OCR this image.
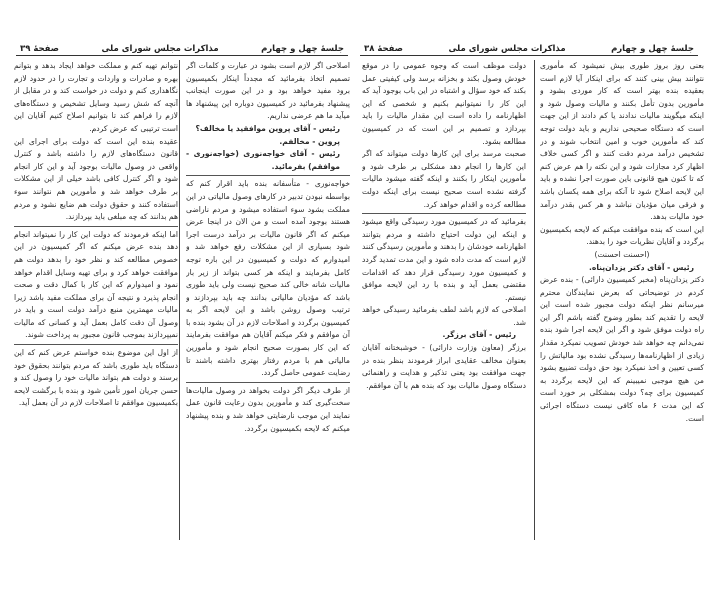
جلسهٔ چهل و چهارم
مذاکرات مجلس شورای ملی
صفحهٔ ۳۹

اصلاحی اگر لازم است بشود در عبارت و کلمات اگر تصمیم اتخاذ بفرمائید که مجدداً اینکار بکمیسیون برود مفید خواهد بود و در این صورت اینجانب پیشنهاد بفرمائید در کمیسیون دوباره این پیشنهاد ها میآید ما هم عرضی نداریم.

رئیس - آقای پروین موافقید یا مخالف؟

پروین - مخالفم.

رئیس - آقای خواجه‌نوری (خواجه‌نوری - موافقم) بفرمائید.

خواجه‌نوری - متأسفانه بنده باید اقرار کنم که بواسطه نبودن تدبیر در کارهای وصول مالیاتی در این مملکت بشود سوء استفاده میشود و مردم ناراضی هستند بوجود آمده است و من الان در اینجا عرض میکنم که اگر قانون مالیات بر درآمد درست اجرا شود بسیاری از این مشکلات رفع خواهد شد و امیدوارم که دولت و کمیسیون در این باره توجه کامل بفرمایند و اینکه هر کسی بتواند از زیر بار مالیات شانه خالی کند صحیح نیست ولی باید طوری باشد که مؤدیان مالیاتی بدانند چه باید بپردازند و ترتیب وصول روشن باشد و این لایحه اگر به کمیسیون برگردد و اصلاحات لازم در آن بشود بنده با آن موافقم و فکر میکنم آقایان هم موافقت بفرمایند که این کار بصورت صحیح انجام شود و مأمورین مالیاتی هم با مردم رفتار بهتری داشته باشند تا رضایت عمومی حاصل گردد.

از طرف دیگر اگر دولت بخواهد در وصول مالیات‌ها سخت‌گیری کند و مأمورین بدون رعایت قانون عمل نمایند این موجب نارضایتی خواهد شد و بنده پیشنهاد میکنم که لایحه بکمیسیون برگردد.

نتوانم تهیه کنم و مملکت خواهد ایجاد بدهد و بتوانم بهره و صادرات و واردات و تجارت را در حدود لازم نگاهداری کنم و دولت در خواست کند و در مقابل از آنچه که شش رسید وسایل تشخیص و دستگاه‌های لازم را فراهم کند تا بتوانیم اصلاح کنیم آقایان این است ترتیبی که عرض کردم.

عقیده بنده این است که دولت برای اجرای این قانون دستگاه‌های لازم را داشته باشد و کنترل واقعی در وصول مالیات بوجود آید و این کار انجام شود و اگر کنترل کافی باشد خیلی از این مشکلات بر طرف خواهد شد و مأمورین هم نتوانند سوء استفاده کنند و حقوق دولت هم ضایع نشود و مردم هم بدانند که چه مبلغی باید بپردازند.

اما اینکه فرمودند که دولت این کار را نمیتواند انجام دهد بنده عرض میکنم که اگر کمیسیون در این خصوص مطالعه کند و نظر خود را بدهد دولت هم موافقت خواهد کرد و برای تهیه وسایل اقدام خواهد نمود و امیدوارم که این کار با کمال دقت و صحت انجام پذیرد و نتیجه آن برای مملکت مفید باشد زیرا مالیات مهمترین منبع درآمد دولت است و باید در وصول آن دقت کامل بعمل آید و کسانی که مالیات نمیپردازند بموجب قانون مجبور به پرداخت شوند.

از اول این موضوع بنده خواستم عرض کنم که این دستگاه باید طوری باشد که مردم بتوانند بحقوق خود برسند و دولت هم بتواند مالیات خود را وصول کند و حسن جریان امور تأمین شود و بنده با برگشت لایحه بکمیسیون موافقم تا اصلاحات لازم در آن بعمل آید.

جلسهٔ چهل و چهارم
مذاکرات مجلس شورای ملی
صفحهٔ ۳۸

بعنی روز بروز طوری بیش نمیشود که مأموری نتوانند بیش بینی کنند که برای اینکار آیا لازم است بعقیده بنده بهتر است که کار موردی بشود و مأمورین بدون تأمل بکنند و مالیات وصول شود و اینکه میگویند مالیات ندادند یا کم دادند از این جهت است که دستگاه صحیحی نداریم و باید دولت توجه کند که مأمورین خوب و امین انتخاب شوند و در تشخیص درآمد مردم دقت کنند و اگر کسی خلاف اظهار کرد مجازات شود و این نکته را هم عرض کنم که تا کنون هیچ قانونی باین صورت اجرا نشده و باید این لایحه اصلاح شود تا آنکه برای همه یکسان باشد و فرقی میان مؤدیان نباشد و هر کس بقدر درآمد خود مالیات بدهد.

این است که بنده موافقت میکنم که لایحه بکمیسیون برگردد و آقایان نظریات خود را بدهند.

(احسنت احسنت)

رئیس - آقای دکتر یزدان‌پناه.

دکتر یزدان‌پناه (مخبر کمیسیون دارائی) - بنده عرض کردم در توضیحاتی که بعرض نمایندگان محترم میرسانم نظر اینکه دولت مجبور شده است این لایحه را تقدیم کند بطور وضوح گفته باشم اگر این راه دولت موفق شود و اگر این لایحه اجرا شود بنده نمی‌دانم چه خواهد شد خودش تصویب نمیکرد مقدار زیادی از اظهارنامه‌ها رسیدگی نشده بود مالیاتش را کسی تعیین و اخذ نمیکرد بود حق دولت تضییع بشود من هیچ موجبی نمیبینم که این لایحه برگردد به کمیسیون برای چه؟ دولت بمشکلی بر خورد است که این مدت ۶ ماه کافی نیست دستگاه اجرائی است.

دولت موظف است که وجوه عمومی را در موقع خودش وصول بکند و بخزانه برسد ولی کیفیتی عمل بکند که خود سؤال و اشتباه در این باب بوجود آید که این کار را نمیتوانیم بکنیم و شخصی که این اظهارنامه را داده است این مقدار مالیات را باید بپردازد و تصمیم بر این است که در کمیسیون مطالعه بشود.

صحبت مرسد برای این کارها دولت میتواند که اگر این کارها را انجام دهد مشکلی بر طرف شود و مأمورین اینکار را بکنند و اینکه گفته میشود مالیات گرفته نشده است صحیح نیست برای اینکه دولت مطالعه کرده و اقدام خواهد کرد.

بفرمائید که در کمیسیون مورد رسیدگی واقع میشود و اینکه این دولت احتیاج داشته و مردم بتوانند اظهارنامه خودشان را بدهند و مأمورین رسیدگی کنند لازم است که مدت داده شود و این مدت تمدید گردد و کمیسیون مورد رسیدگی قرار دهد که اقدامات مقتضی بعمل آید و بنده با رد این لایحه موافق نیستم.

اصلاحی که لازم باشد لطف بفرمائید رسیدگی خواهد شد.

رئیس - آقای برزگر.

برزگر (معاون وزارت دارائی) - خوشبختانه آقایان بعنوان مخالف عقایدی ابراز فرمودند بنظر بنده در جهت موافقت بود یعنی تذکیر و هدایت و راهنمائی دستگاه وصول مالیات بود که بنده هم با آن موافقم.
